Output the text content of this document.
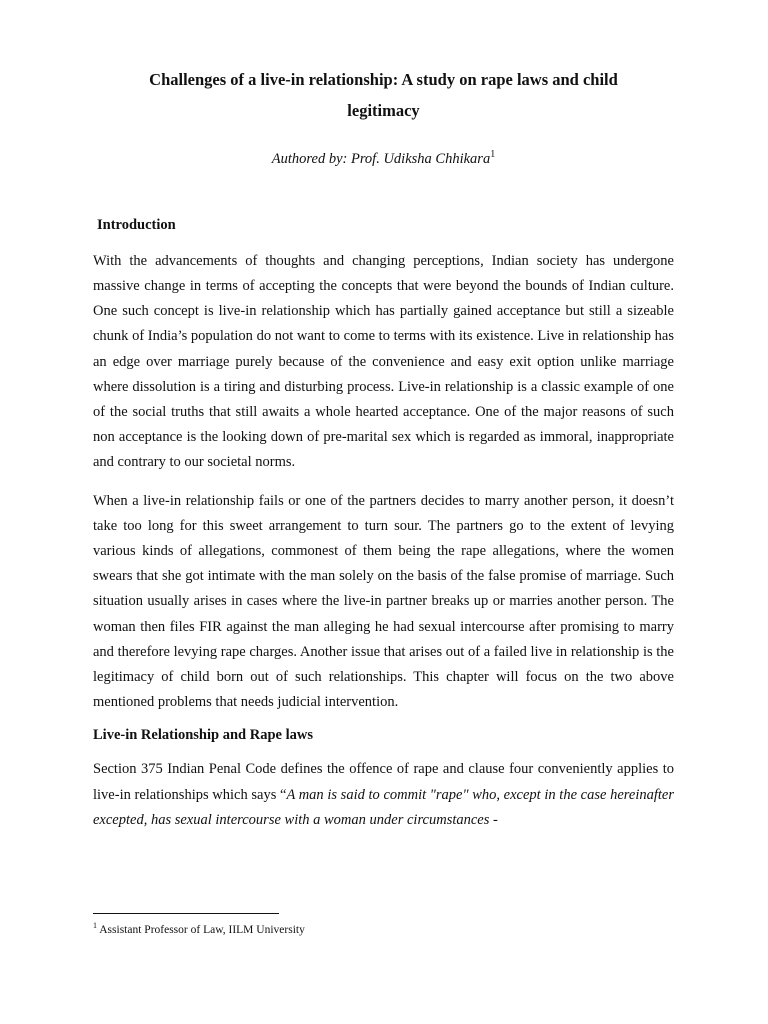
Challenges of a live-in relationship: A study on rape laws and child legitimacy
Authored by: Prof. Udiksha Chhikara$^1$
Introduction

With the advancements of thoughts and changing perceptions, Indian society has undergone massive change in terms of accepting the concepts that were beyond the bounds of Indian culture. One such concept is live-in relationship which has partially gained acceptance but still a sizeable chunk of India’s population do not want to come to terms with its existence. Live in relationship has an edge over marriage purely because of the convenience and easy exit option unlike marriage where dissolution is a tiring and disturbing process. Live-in relationship is a classic example of one of the social truths that still awaits a whole hearted acceptance. One of the major reasons of such non acceptance is the looking down of pre-marital sex which is regarded as immoral, inappropriate and contrary to our societal norms.

When a live-in relationship fails or one of the partners decides to marry another person, it doesn’t take too long for this sweet arrangement to turn sour. The partners go to the extent of levying various kinds of allegations, commonest of them being the rape allegations, where the women swears that she got intimate with the man solely on the basis of the false promise of marriage. Such situation usually arises in cases where the live-in partner breaks up or marries another person. The woman then files FIR against the man alleging he had sexual intercourse after promising to marry and therefore levying rape charges. Another issue that arises out of a failed live in relationship is the legitimacy of child born out of such relationships. This chapter will focus on the two above mentioned problems that needs judicial intervention.

Live-in Relationship and Rape laws

Section 375 Indian Penal Code defines the offence of rape and clause four conveniently applies to live-in relationships which says “A man is said to commit "rape" who, except in the case hereinafter excepted, has sexual intercourse with a woman under circumstances -

$^1$ Assistant Professor of Law, IILM University
